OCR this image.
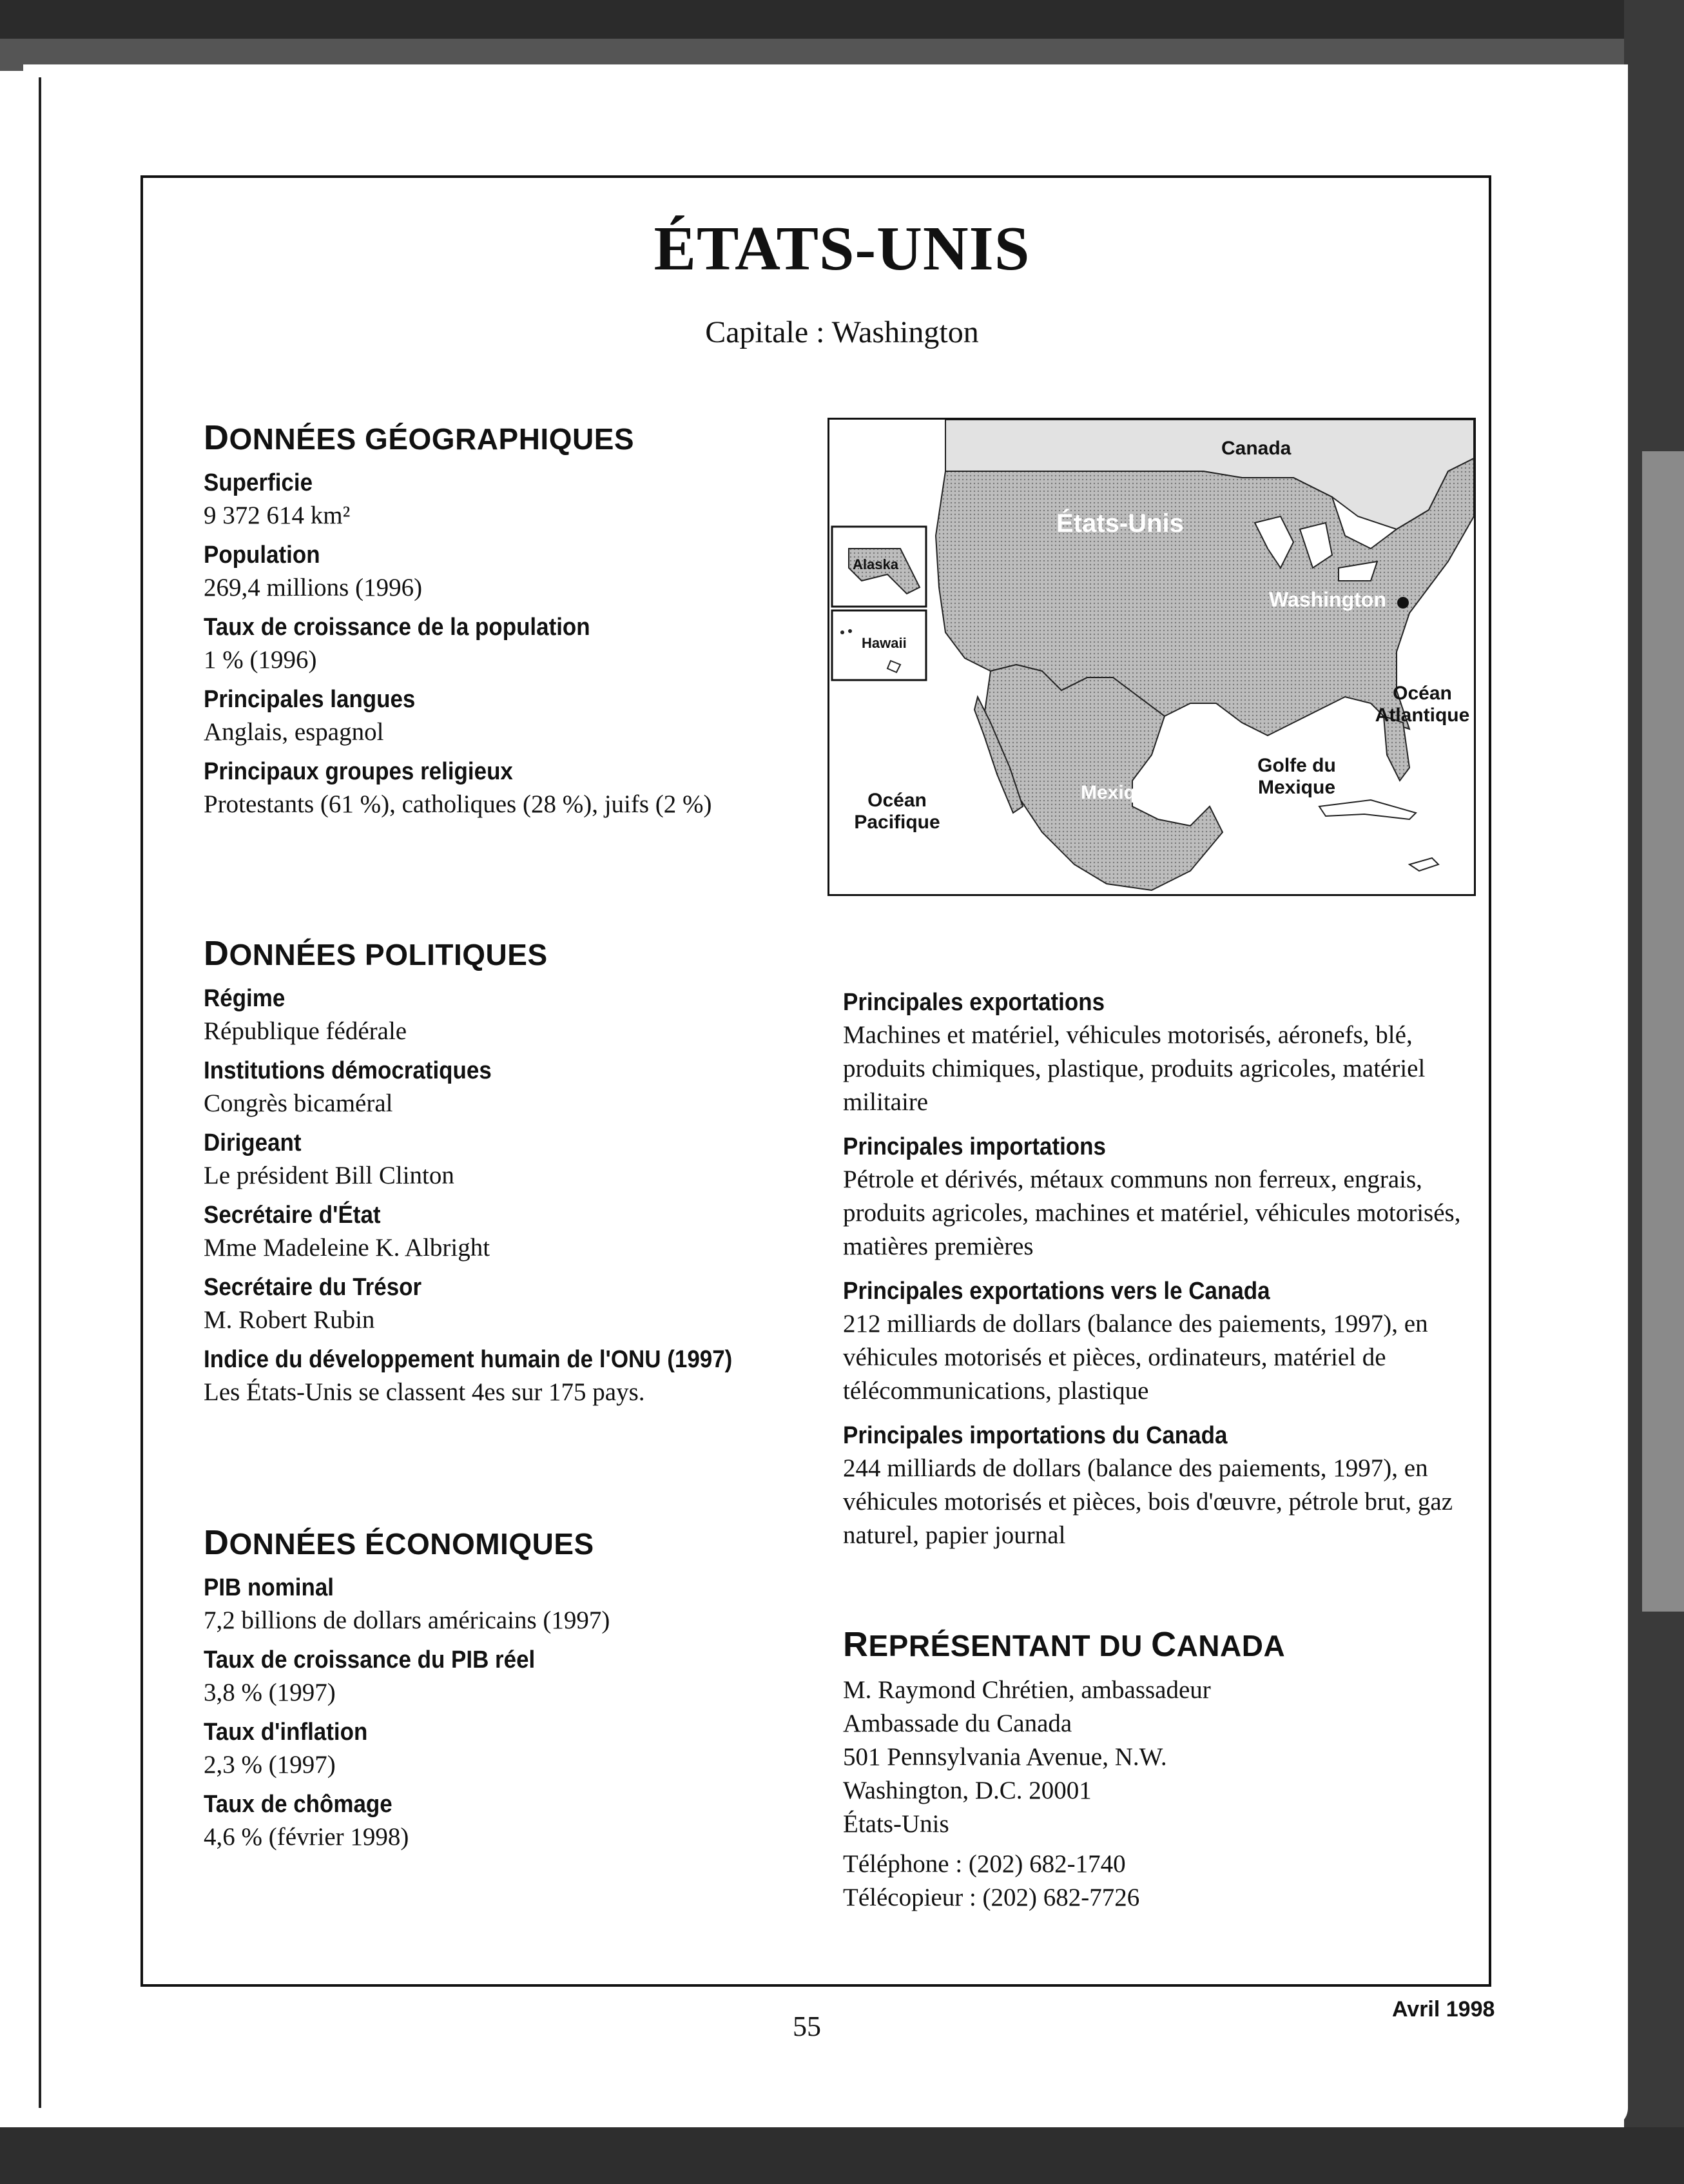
ÉTATS-UNIS
Capitale : Washington
DONNÉES GÉOGRAPHIQUES
Superficie
9 372 614 km²
Population
269,4 millions (1996)
Taux de croissance de la population
1 % (1996)
Principales langues
Anglais, espagnol
Principaux groupes religieux
Protestants (61 %), catholiques (28 %), juifs (2 %)
Canada
États-Unis
Alaska
Hawaii
Washington
Océan Atlantique
Golfe du Mexique
Mexique
Océan Pacifique
DONNÉES POLITIQUES
Régime
République fédérale
Institutions démocratiques
Congrès bicaméral
Dirigeant
Le président Bill Clinton
Secrétaire d'État
Mme Madeleine K. Albright
Secrétaire du Trésor
M. Robert Rubin
Indice du développement humain de l'ONU (1997)
Les États-Unis se classent 4es sur 175 pays.
DONNÉES ÉCONOMIQUES
PIB nominal
7,2 billions de dollars américains (1997)
Taux de croissance du PIB réel
3,8 % (1997)
Taux d'inflation
2,3 % (1997)
Taux de chômage
4,6 % (février 1998)
Principales exportations
Machines et matériel, véhicules motorisés, aéronefs, blé, produits chimiques, plastique, produits agricoles, matériel militaire
Principales importations
Pétrole et dérivés, métaux communs non ferreux, engrais, produits agricoles, machines et matériel, véhicules motorisés, matières premières
Principales exportations vers le Canada
212 milliards de dollars (balance des paiements, 1997), en véhicules motorisés et pièces, ordinateurs, matériel de télécommunications, plastique
Principales importations du Canada
244 milliards de dollars (balance des paiements, 1997), en véhicules motorisés et pièces, bois d'œuvre, pétrole brut, gaz naturel, papier journal
REPRÉSENTANT DU CANADA
M. Raymond Chrétien, ambassadeur
Ambassade du Canada
501 Pennsylvania Avenue, N.W.
Washington, D.C. 20001
États-Unis
Téléphone : (202) 682-1740
Télécopieur : (202) 682-7726
55
Avril 1998
